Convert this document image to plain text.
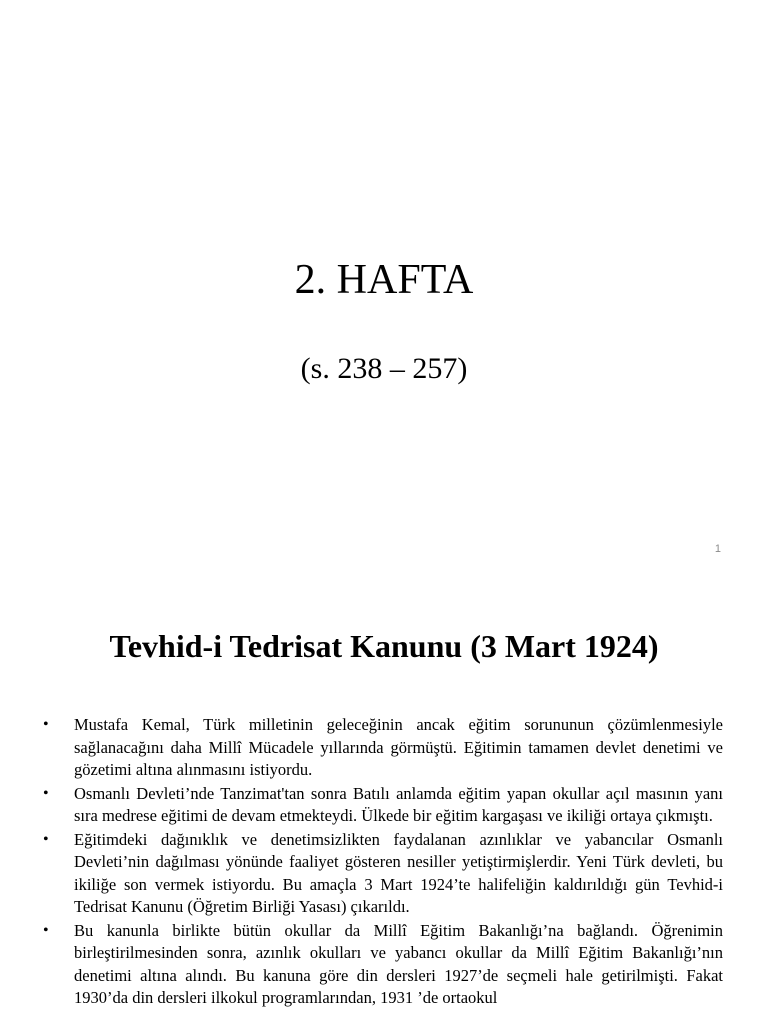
2. HAFTA
(s. 238 – 257)
1
Tevhid-i Tedrisat Kanunu (3 Mart 1924)
• Mustafa Kemal, Türk milletinin geleceğinin ancak eğitim sorununun çözümlenmesiyle sağlanacağını daha Millî Mücadele yıllarında görmüştü. Eğitimin tamamen devlet denetimi ve gözetimi altına alınmasını istiyordu.
• Osmanlı Devleti’nde Tanzimat'tan sonra Batılı anlamda eğitim yapan okullar açıl masının yanı sıra medrese eğitimi de devam etmekteydi. Ülkede bir eğitim kargaşası ve ikiliği ortaya çıkmıştı.
• Eğitimdeki dağınıklık ve denetimsizlikten faydalanan azınlıklar ve yabancılar Osmanlı Devleti’nin dağılması yönünde faaliyet gösteren nesiller yetiştirmişlerdir. Yeni Türk devleti, bu ikiliğe son vermek istiyordu. Bu amaçla 3 Mart 1924’te halifeliğin kaldırıldığı gün Tevhid-i Tedrisat Kanunu (Öğretim Birliği Yasası) çıkarıldı.
• Bu kanunla birlikte bütün okullar da Millî Eğitim Bakanlığı’na bağlandı. Öğrenimin birleştirilmesinden sonra, azınlık okulları ve yabancı okullar da Millî Eğitim Bakanlığı’nın denetimi altına alındı. Bu kanuna göre din dersleri 1927’de seçmeli hale getirilmişti. Fakat 1930’da din dersleri ilkokul programlarından, 1931 ’de ortaokul
